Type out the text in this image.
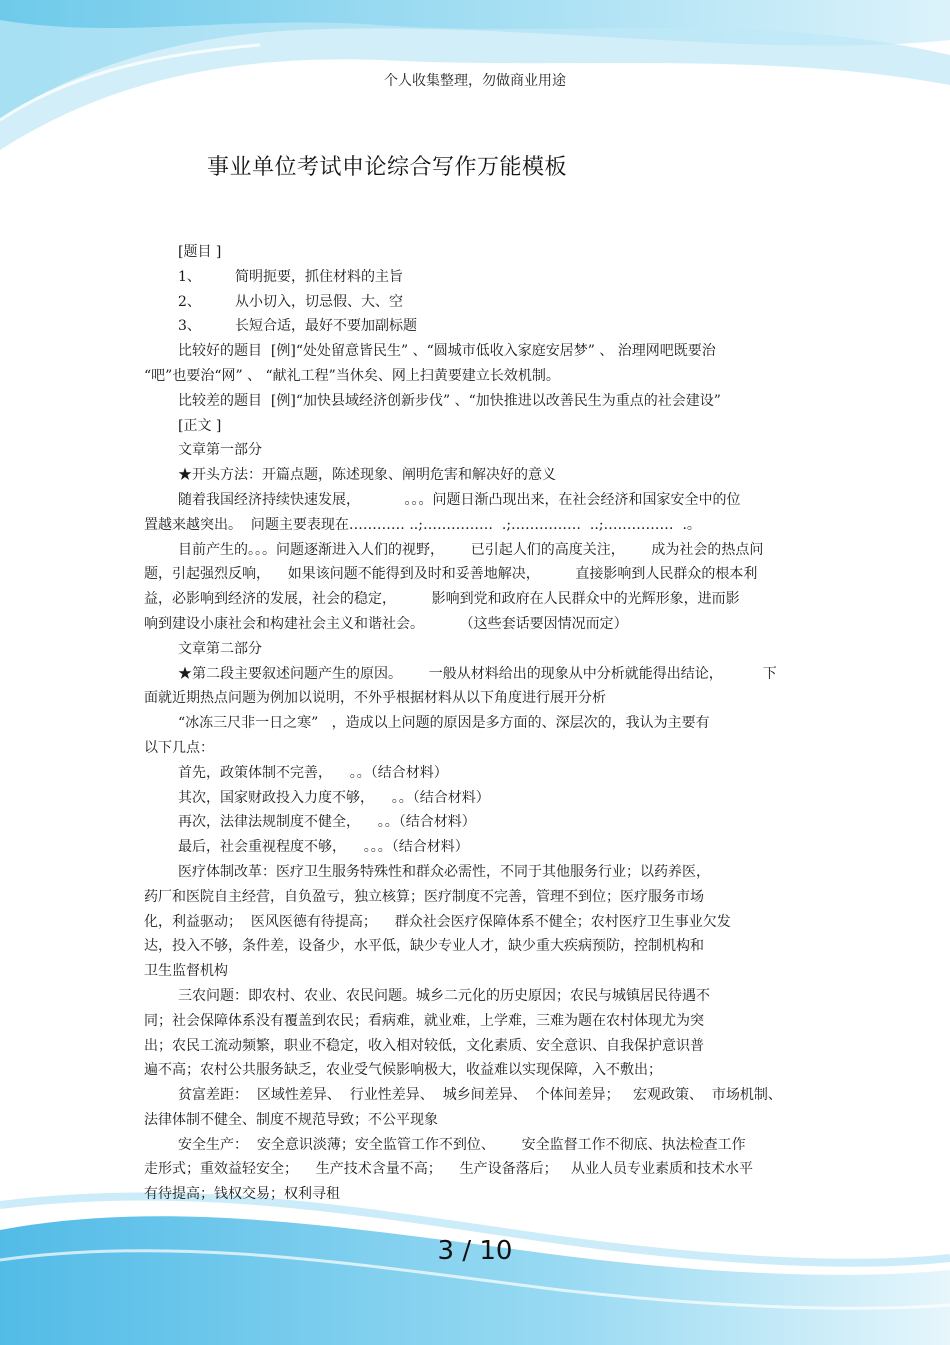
个人收集整理，勿做商业用途
事业单位考试申论综合写作万能模板
[题目 ]
1、 简明扼要，抓住材料的主旨
2、 从小切入，切忌假、大、空
3、 长短合适，最好不要加副标题
比较好的题目  [例]“处处留意皆民生” 、“圆城市低收入家庭安居梦” 、 治理网吧既要治
“吧”也要治“网” 、 “献礼工程”当休矣、网上扫黄要建立长效机制。
比较差的题目  [例]“加快县域经济创新步伐” 、“加快推进以改善民生为重点的社会建设”
[正文 ]
文章第一部分
★开头方法：开篇点题，陈述现象、阐明危害和解决好的意义
随着我国经济持续快速发展，          。。。问题日渐凸现出来，在社会经济和国家安全中的位
置越来越突出。  问题主要表现在………… ..;……………  .;……………  ..;……………  .。
目前产生的。。。问题逐渐进入人们的视野，      已引起人们的高度关注，      成为社会的热点问
题，引起强烈反响，    如果该问题不能得到及时和妥善地解决，        直接影响到人民群众的根本利
益，必影响到经济的发展，社会的稳定，        影响到党和政府在人民群众中的光辉形象，进而影
响到建设小康社会和构建社会主义和谐社会。        （这些套话要因情况而定）
文章第二部分
★第二段主要叙述问题产生的原因。      一般从材料给出的现象从中分析就能得出结论，         下
面就近期热点问题为例加以说明，不外乎根据材料从以下角度进行展开分析
“冰冻三尺非一日之寒”   ，造成以上问题的原因是多方面的、深层次的，我认为主要有
以下几点：
首先，政策体制不完善，    。。（结合材料）
其次，国家财政投入力度不够，    。。（结合材料）
再次，法律法规制度不健全，    。。（结合材料）
最后，社会重视程度不够，    。。。（结合材料）
医疗体制改革：医疗卫生服务特殊性和群众必需性，不同于其他服务行业；以药养医，
药厂和医院自主经营，自负盈亏，独立核算；医疗制度不完善，管理不到位；医疗服务市场
化，利益驱动；  医风医德有待提高；    群众社会医疗保障体系不健全；农村医疗卫生事业欠发
达，投入不够，条件差，设备少，水平低，缺少专业人才，缺少重大疾病预防，控制机构和
卫生监督机构
三农问题：即农村、农业、农民问题。城乡二元化的历史原因；农民与城镇居民待遇不
同；社会保障体系没有覆盖到农民；看病难，就业难，上学难，三难为题在农村体现尤为突
出；农民工流动频繁，职业不稳定，收入相对较低，文化素质、安全意识、自我保护意识普
遍不高；农村公共服务缺乏，农业受气候影响极大，收益难以实现保障，入不敷出；
贫富差距：  区域性差异、  行业性差异、  城乡间差异、  个体间差异；   宏观政策、  市场机制、
法律体制不健全、制度不规范导致；不公平现象
安全生产：  安全意识淡薄；安全监管工作不到位、      安全监督工作不彻底、执法检查工作
走形式；重效益轻安全；    生产技术含量不高；    生产设备落后；   从业人员专业素质和技术水平
有待提高；钱权交易；权利寻租
3 / 10
